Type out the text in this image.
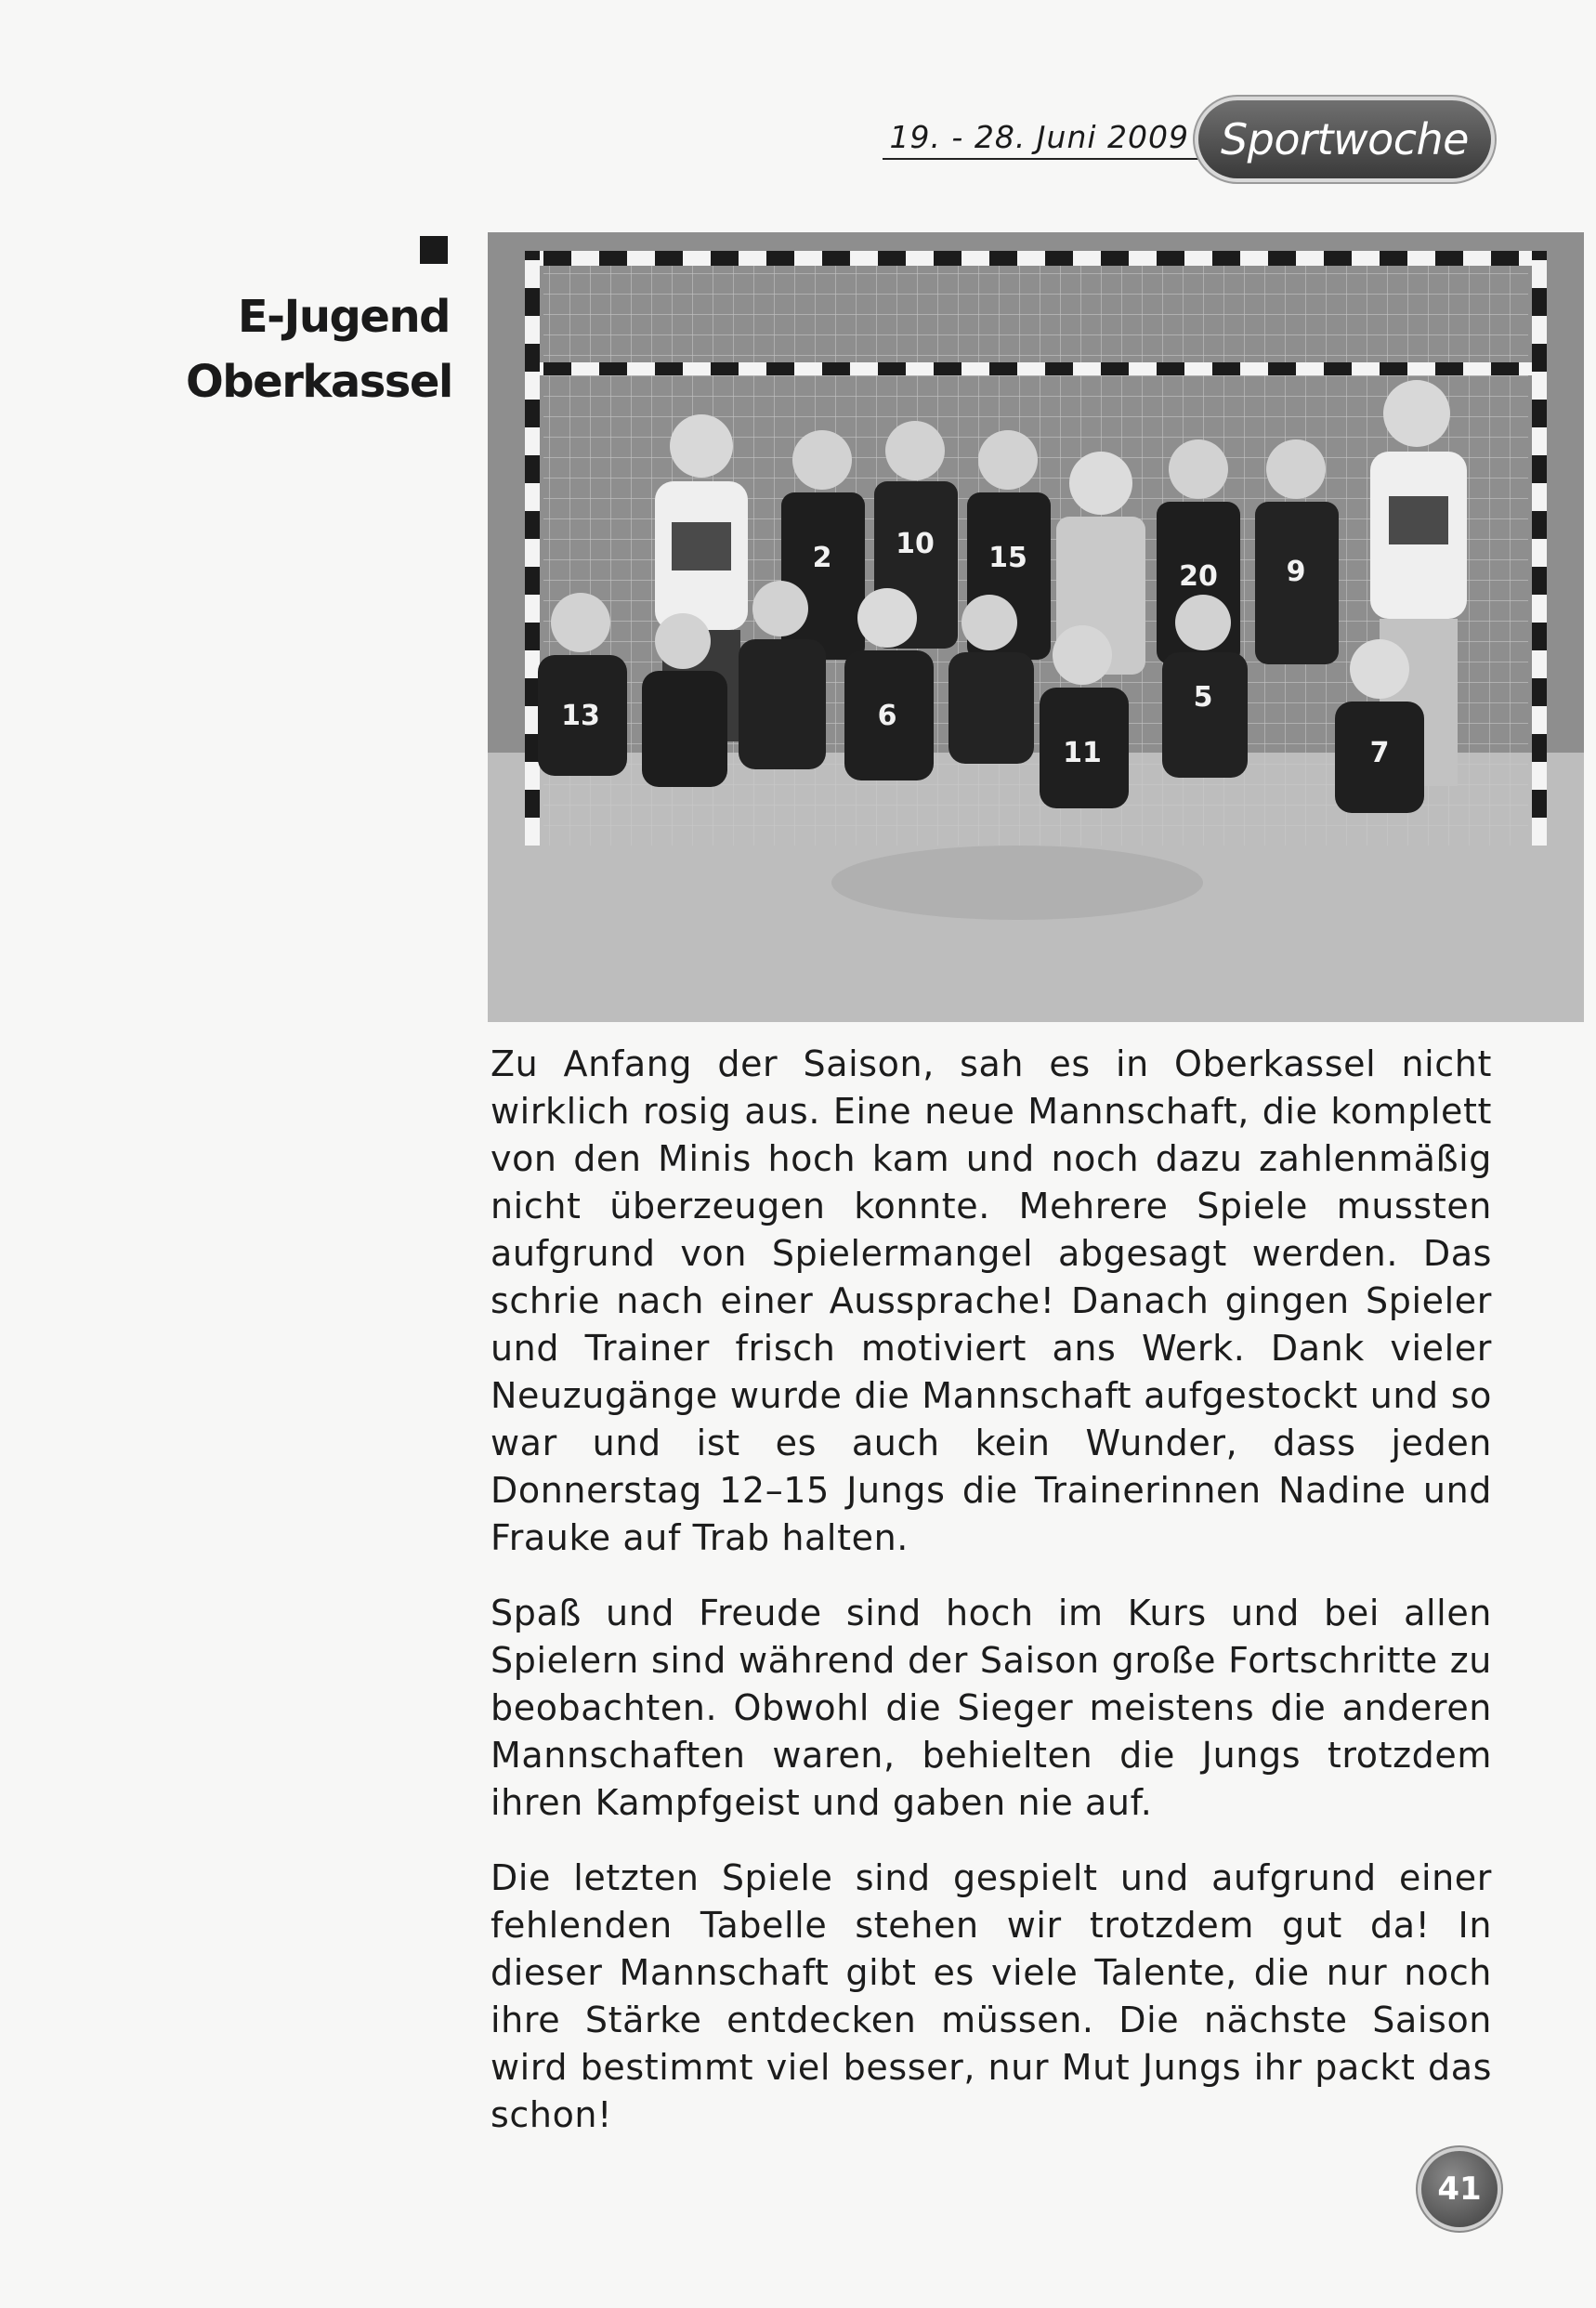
19. - 28. Juni 2009 Sportwoche
E-Jugend
Oberkassel
2 10 15
20 9
13	6
11
5
7

Zu Anfang der Saison, sah es in Oberkassel nicht wirklich rosig aus. Eine neue Mannschaft, die komplett von den Minis hoch kam und noch dazu zahlenmäßig nicht überzeugen konnte. Mehrere Spiele mussten aufgrund von Spielermangel abgesagt werden. Das schrie nach einer Aussprache! Danach gingen Spieler und Trainer frisch motiviert ans Werk. Dank vieler Neuzugänge wurde die Mannschaft aufgestockt und so war und ist es auch kein Wunder, dass jeden Donnerstag 12–15 Jungs die Trainerinnen Nadine und Frauke auf Trab halten.

Spaß und Freude sind hoch im Kurs und bei allen Spielern sind während der Saison große Fortschritte zu beobachten. Obwohl die Sieger meistens die anderen Mannschaften waren, behielten die Jungs trotzdem ihren Kampfgeist und gaben nie auf.

Die letzten Spiele sind gespielt und aufgrund einer fehlenden Tabelle stehen wir trotzdem gut da! In dieser Mannschaft gibt es viele Talente, die nur noch ihre Stärke entdecken müssen. Die nächste Saison wird bestimmt viel besser, nur Mut Jungs ihr packt das schon!

41
